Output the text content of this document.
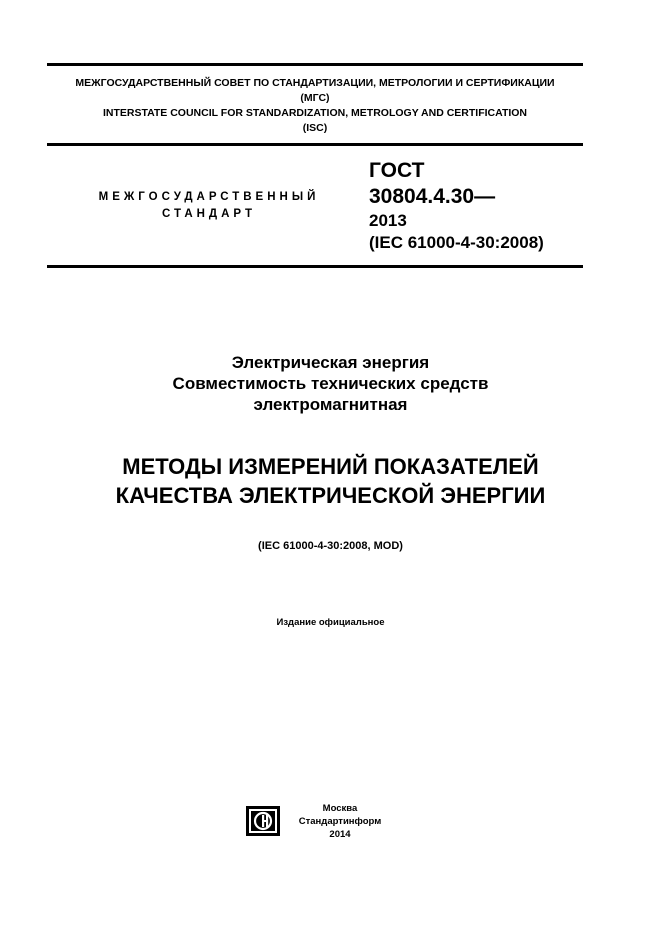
МЕЖГОСУДАРСТВЕННЫЙ СОВЕТ ПО СТАНДАРТИЗАЦИИ, МЕТРОЛОГИИ И СЕРТИФИКАЦИИ
(МГС)
INTERSTATE COUNCIL FOR STANDARDIZATION, METROLOGY AND CERTIFICATION
(ISC)
МЕЖГОСУДАРСТВЕННЫЙ
СТАНДАРТ
ГОСТ
30804.4.30—
2013
(IEC 61000-4-30:2008)
Электрическая энергия
Совместимость технических средств
электромагнитная
МЕТОДЫ ИЗМЕРЕНИЙ ПОКАЗАТЕЛЕЙ
КАЧЕСТВА ЭЛЕКТРИЧЕСКОЙ ЭНЕРГИИ
(IEC 61000-4-30:2008, MOD)
Издание официальное
Москва
Стандартинформ
2014
